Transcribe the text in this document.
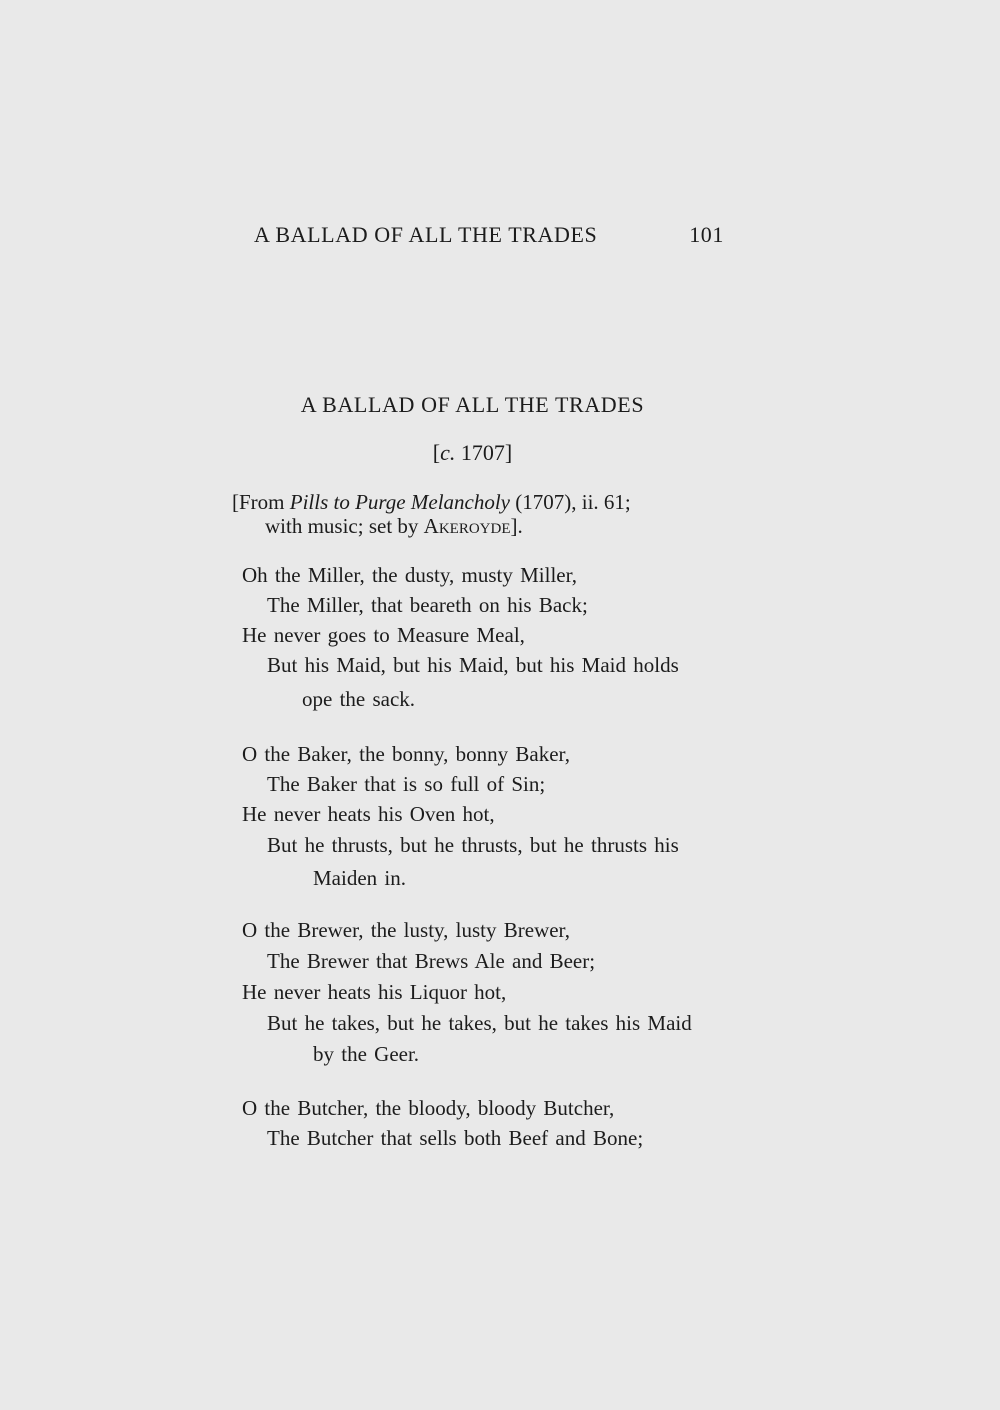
A BALLAD OF ALL THE TRADES	101
A BALLAD OF ALL THE TRADES
[c. 1707]
[From Pills to Purge Melancholy (1707), ii. 61;
with music; set by Akeroyde].
Oh the Miller, the dusty, musty Miller,
The Miller, that beareth on his Back;
He never goes to Measure Meal,
But his Maid, but his Maid, but his Maid holds
ope the sack.
O the Baker, the bonny, bonny Baker,
The Baker that is so full of Sin;
He never heats his Oven hot,
But he thrusts, but he thrusts, but he thrusts his
Maiden in.
O the Brewer, the lusty, lusty Brewer,
The Brewer that Brews Ale and Beer;
He never heats his Liquor hot,
But he takes, but he takes, but he takes his Maid
by the Geer.
O the Butcher, the bloody, bloody Butcher,
The Butcher that sells both Beef and Bone;
